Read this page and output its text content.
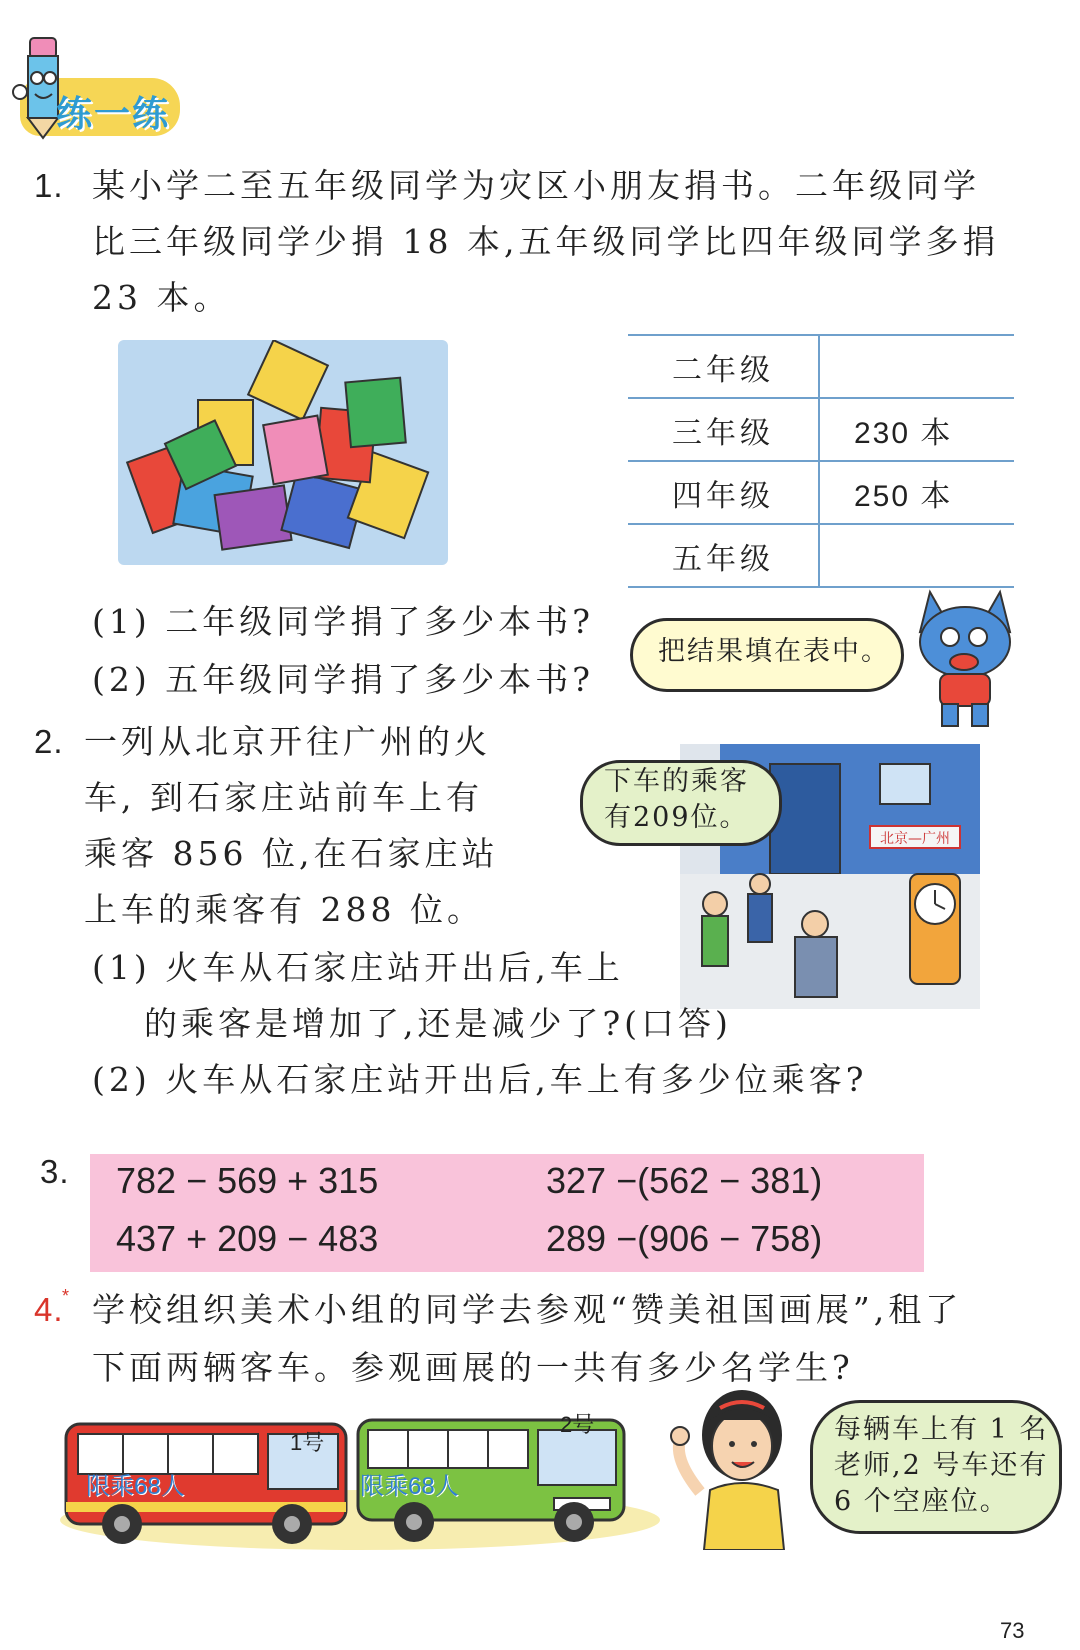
练一练
1. 某小学二至五年级同学为灾区小朋友捐书。二年级同学
比三年级同学少捐 18 本,五年级同学比四年级同学多捐
23 本。
二年级	
三年级	230 本
四年级	250 本
五年级	
(1) 二年级同学捐了多少本书?
(2) 五年级同学捐了多少本书?
把结果填在表中。
2. 一列从北京开往广州的火
车, 到石家庄站前车上有
乘客 856 位,在石家庄站
上车的乘客有 288 位。
北京—广州
下车的乘客
有209位。
(1) 火车从石家庄站开出后,车上
的乘客是增加了,还是减少了?(口答)
(2) 火车从石家庄站开出后,车上有多少位乘客?
3. 782 − 569 + 315	327 −(562 − 381)
437 + 209 − 483	289 −(906 − 758)
4.
* 学校组织美术小组的同学去参观“赞美祖国画展”,租了
下面两辆客车。参观画展的一共有多少名学生?
1号
限乘68人
2号
限乘68人
每辆车上有 1 名
老师,2 号车还有
6 个空座位。
73
